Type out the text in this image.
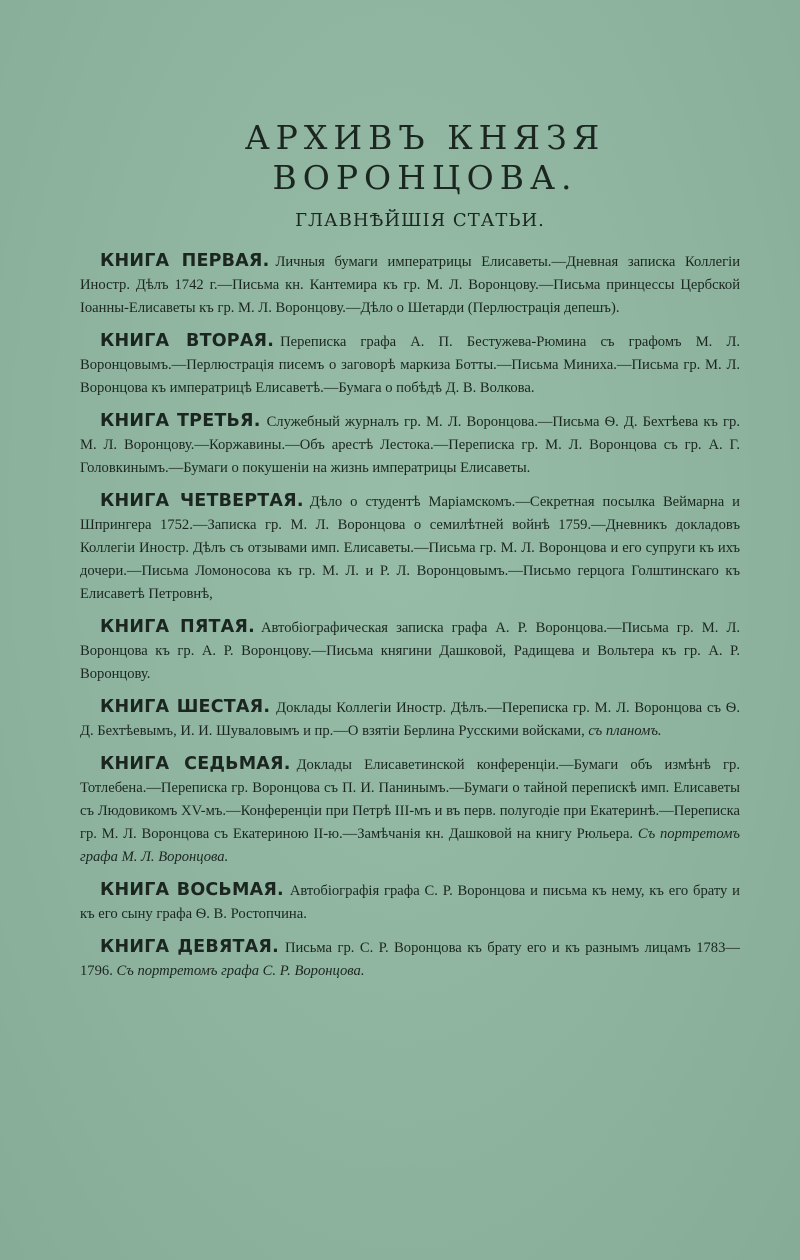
АРХИВЪ КНЯЗЯ ВОРОНЦОВА.
ГЛАВНѢЙШІЯ СТАТЬИ.

КНИГА ПЕРВАЯ. Личныя бумаги императрицы Елисаветы.—Дневная записка Коллегіи Иностр. Дѣлъ 1742 г.—Письма кн. Кантемира къ гр. М. Л. Воронцову.—Письма принцессы Цербской Іоанны-Елисаветы къ гр. М. Л. Воронцову.—Дѣло о Шетарди (Перлюстрація депешъ).

КНИГА ВТОРАЯ. Переписка графа А. П. Бестужева-Рюмина съ графомъ М. Л. Воронцовымъ.—Перлюстрація писемъ о заговорѣ маркиза Ботты.—Письма Миниха.—Письма гр. М. Л. Воронцова къ императрицѣ Елисаветѣ.—Бумага о побѣдѣ Д. В. Волкова.

КНИГА ТРЕТЬЯ. Служебный журналъ гр. М. Л. Воронцова.—Письма Ѳ. Д. Бехтѣева къ гр. М. Л. Воронцову.—Коржавины.—Объ арестѣ Лестока.—Переписка гр. М. Л. Воронцова съ гр. А. Г. Головкинымъ.—Бумаги о покушеніи на жизнь императрицы Елисаветы.

КНИГА ЧЕТВЕРТАЯ. Дѣло о студентѣ Маріамскомъ.—Секретная посылка Веймарна и Шпрингера 1752.—Записка гр. М. Л. Воронцова о семилѣтней войнѣ 1759.—Дневникъ докладовъ Коллегіи Иностр. Дѣлъ съ отзывами имп. Елисаветы.—Письма гр. М. Л. Воронцова и его супруги къ ихъ дочери.—Письма Ломоносова къ гр. М. Л. и Р. Л. Воронцовымъ.—Письмо герцога Голштинскаго къ Елисаветѣ Петровнѣ,

КНИГА ПЯТАЯ. Автобіографическая записка графа А. Р. Воронцова.—Письма гр. М. Л. Воронцова къ гр. А. Р. Воронцову.—Письма княгини Дашковой, Радищева и Вольтера къ гр. А. Р. Воронцову.

КНИГА ШЕСТАЯ. Доклады Коллегіи Иностр. Дѣлъ.—Переписка гр. М. Л. Воронцова съ Ѳ. Д. Бехтѣевымъ, И. И. Шуваловымъ и пр.—О взятіи Берлина Русскими войсками, съ планомъ.

КНИГА СЕДЬМАЯ. Доклады Елисаветинской конференціи.—Бумаги объ измѣнѣ гр. Тотлебена.—Переписка гр. Воронцова съ П. И. Панинымъ.—Бумаги о тайной перепискѣ имп. Елисаветы съ Людовикомъ XV-мъ.—Конференціи при Петрѣ III-мъ и въ перв. полугодіе при Екатеринѣ.—Переписка гр. М. Л. Воронцова съ Екатериною II-ю.—Замѣчанія кн. Дашковой на книгу Рюльера. Съ портретомъ графа М. Л. Воронцова.

КНИГА ВОСЬМАЯ. Автобіографія графа С. Р. Воронцова и письма къ нему, къ его брату и къ его сыну графа Ѳ. В. Ростопчина.

КНИГА ДЕВЯТАЯ. Письма гр. С. Р. Воронцова къ брату его и къ разнымъ лицамъ 1783—1796. Съ портретомъ графа С. Р. Воронцова.
